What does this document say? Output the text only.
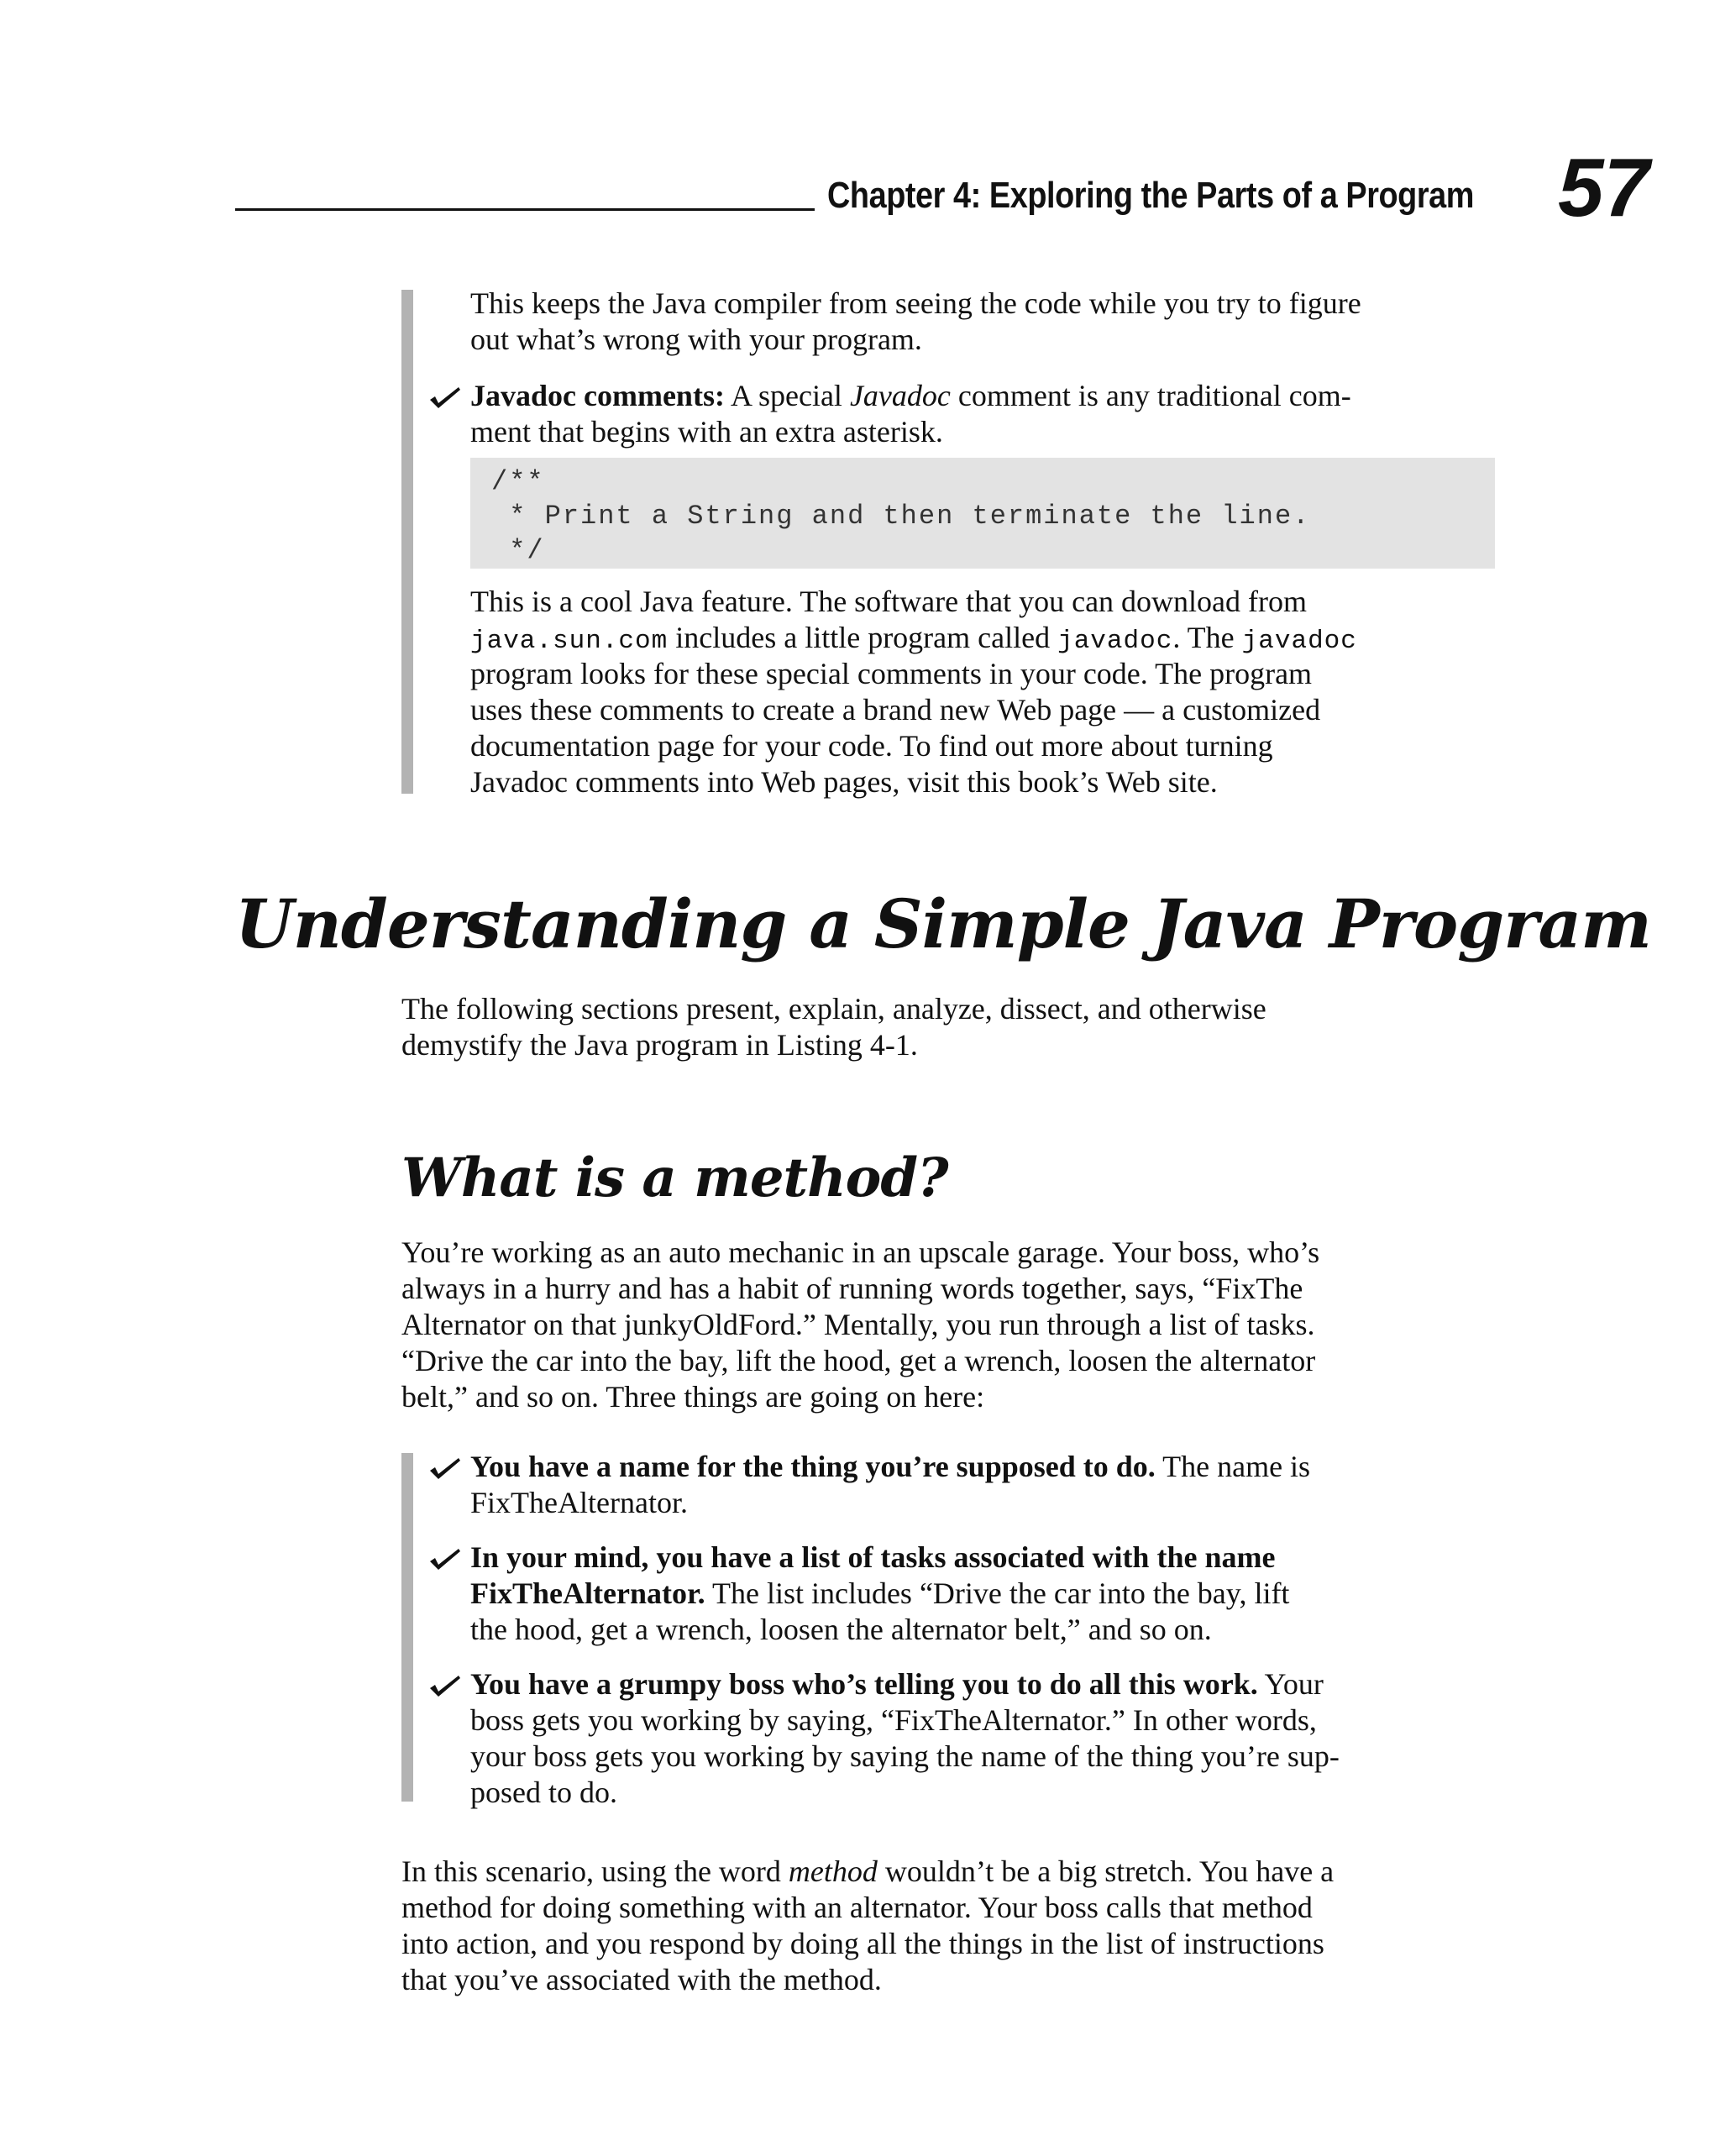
Chapter 4: Exploring the Parts of a Program 57
This keeps the Java compiler from seeing the code while you try to figure
out what’s wrong with your program.
Javadoc comments: A special Javadoc comment is any traditional com-
ment that begins with an extra asterisk.
/**
* Print a String and then terminate the line.
*/
This is a cool Java feature. The software that you can download from
java.sun.com includes a little program called javadoc. The javadoc
program looks for these special comments in your code. The program
uses these comments to create a brand new Web page — a customized
documentation page for your code. To find out more about turning
Javadoc comments into Web pages, visit this book’s Web site.
Understanding a Simple Java Program
The following sections present, explain, analyze, dissect, and otherwise
demystify the Java program in Listing 4-1.
What is a method?
You’re working as an auto mechanic in an upscale garage. Your boss, who’s
always in a hurry and has a habit of running words together, says, “FixThe
Alternator on that junkyOldFord.” Mentally, you run through a list of tasks.
“Drive the car into the bay, lift the hood, get a wrench, loosen the alternator
belt,” and so on. Three things are going on here:
You have a name for the thing you’re supposed to do. The name is
FixTheAlternator.
In your mind, you have a list of tasks associated with the name
FixTheAlternator. The list includes “Drive the car into the bay, lift
the hood, get a wrench, loosen the alternator belt,” and so on.
You have a grumpy boss who’s telling you to do all this work. Your
boss gets you working by saying, “FixTheAlternator.” In other words,
your boss gets you working by saying the name of the thing you’re sup-
posed to do.
In this scenario, using the word method wouldn’t be a big stretch. You have a
method for doing something with an alternator. Your boss calls that method
into action, and you respond by doing all the things in the list of instructions
that you’ve associated with the method.
